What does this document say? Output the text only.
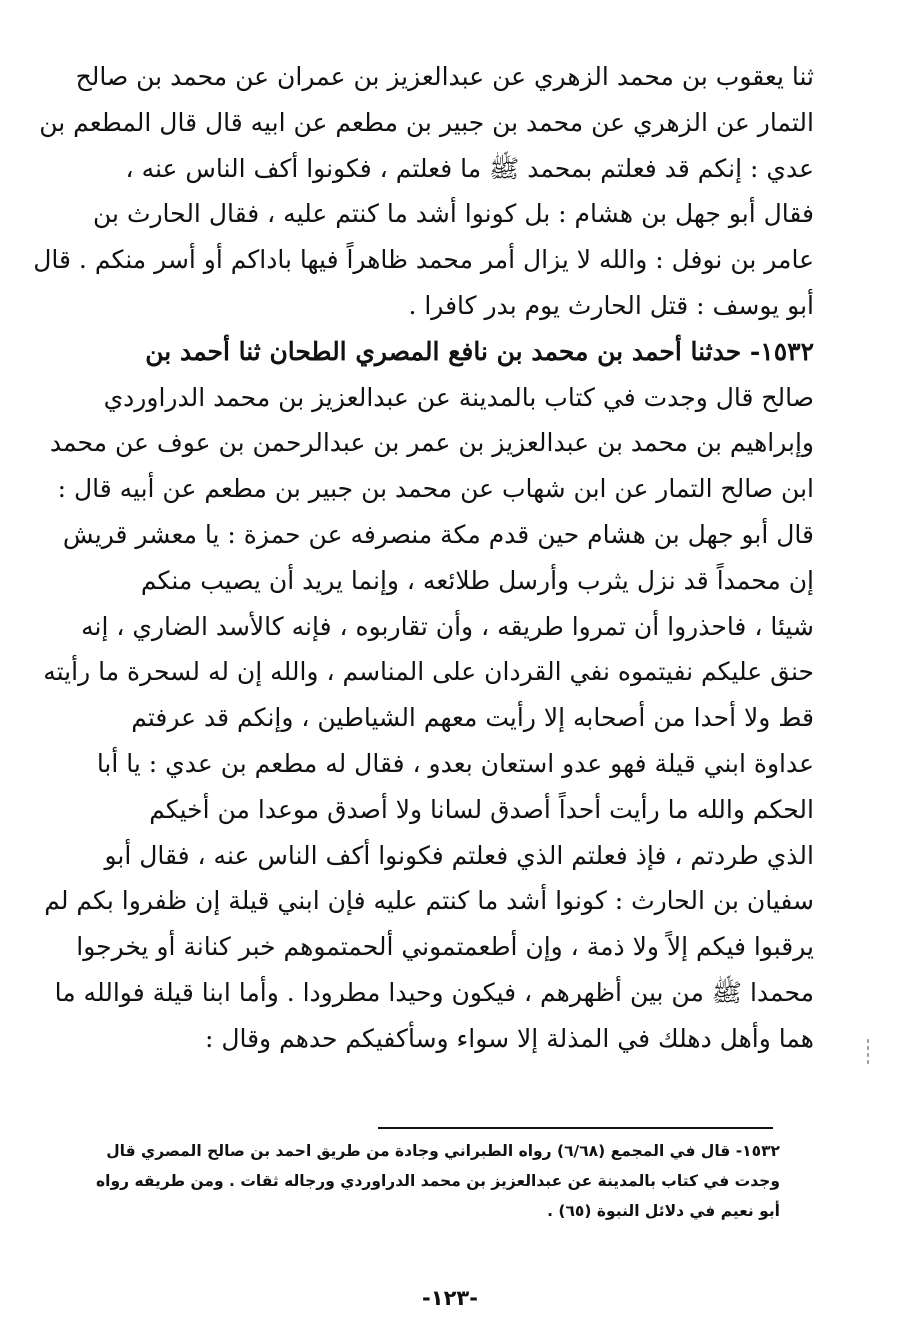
ثنا يعقوب بن محمد الزهري عن عبدالعزيز بن عمران عن محمد بن صالح
التمار عن الزهري عن محمد بن جبير بن مطعم عن ابيه قال قال المطعم بن
عدي : إنكم قد فعلتم بمحمد ﷺ ما فعلتم ، فكونوا أكف الناس عنه ،
فقال أبو جهل بن هشام : بل كونوا أشد ما كنتم عليه ، فقال الحارث بن
عامر بن نوفل : والله لا يزال أمر محمد ظاهراً فيها باداكم أو أسر منكم . قال
أبو يوسف : قتل الحارث يوم بدر كافرا .
١٥٣٢- حدثنا أحمد بن محمد بن نافع المصري الطحان ثنا أحمد بن
صالح قال وجدت في كتاب بالمدينة عن عبدالعزيز بن محمد الدراوردي
وإبراهيم بن محمد بن عبدالعزيز بن عمر بن عبدالرحمن بن عوف عن محمد
ابن صالح التمار عن ابن شهاب عن محمد بن جبير بن مطعم عن أبيه قال :
قال أبو جهل بن هشام حين قدم مكة منصرفه عن حمزة : يا معشر قريش
إن محمداً قد نزل يثرب وأرسل طلائعه ، وإنما يريد أن يصيب منكم
شيئا ، فاحذروا أن تمروا طريقه ، وأن تقاربوه ، فإنه كالأسد الضاري ، إنه
حنق عليكم نفيتموه نفي القردان على المناسم ، والله إن له لسحرة ما رأيته
قط ولا أحدا من أصحابه إلا رأيت معهم الشياطين ، وإنكم قد عرفتم
عداوة ابني قيلة فهو عدو استعان بعدو ، فقال له مطعم بن عدي : يا أبا
الحكم والله ما رأيت أحداً أصدق لسانا ولا أصدق موعدا من أخيكم
الذي طردتم ، فإذ فعلتم الذي فعلتم فكونوا أكف الناس عنه ، فقال أبو
سفيان بن الحارث : كونوا أشد ما كنتم عليه فإن ابني قيلة إن ظفروا بكم لم
يرقبوا فيكم إلاً ولا ذمة ، وإن أطعمتموني ألحمتموهم خبر كنانة أو يخرجوا
محمدا ﷺ من بين أظهرهم ، فيكون وحيدا مطرودا . وأما ابنا قيلة فوالله ما
هما وأهل دهلك في المذلة إلا سواء وسأكفيكم حدهم وقال :
١٥٣٢- قال في المجمع (٦/٦٨) رواه الطبراني وجادة من طريق احمد بن صالح المصري قال
وجدت في كتاب بالمدينة عن عبدالعزيز بن محمد الدراوردي ورجاله ثقات . ومن طريقه رواه
أبو نعيم في دلائل النبوة (٦٥) .
-١٢٣-
